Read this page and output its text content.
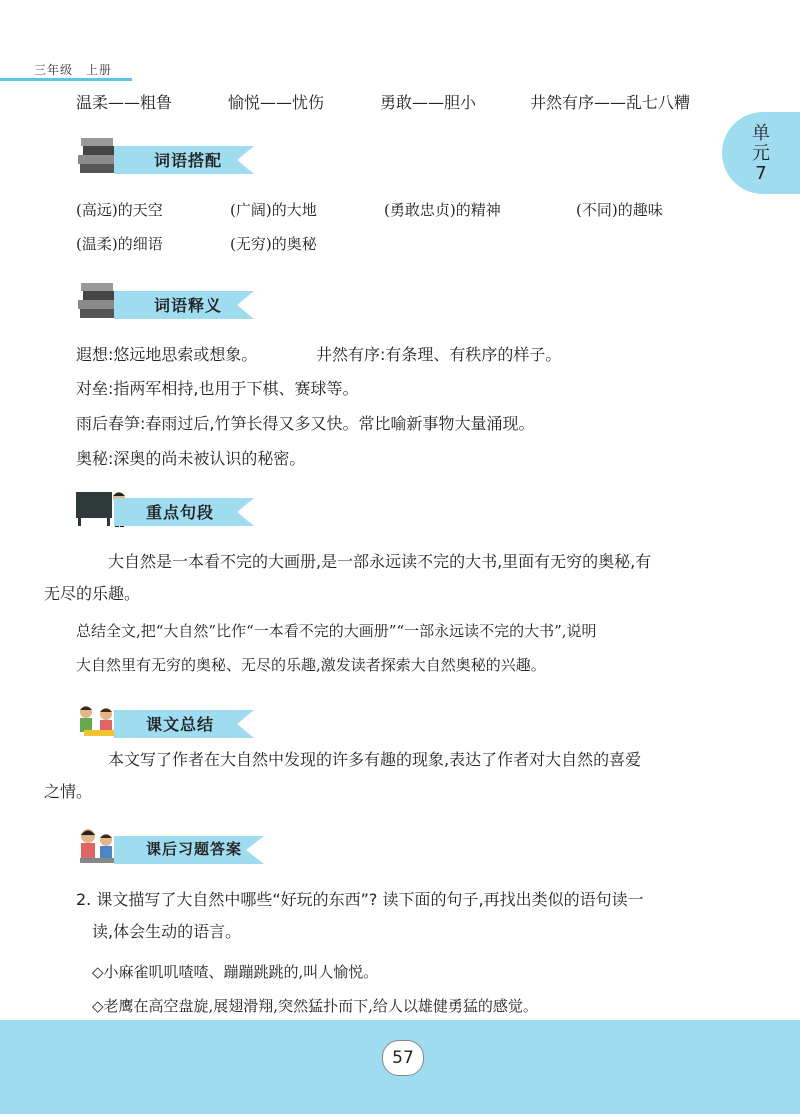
三年级　上册
单
元
7
温柔——粗鲁	愉悦——忧伤	勇敢——胆小	井然有序——乱七八糟
词语搭配
(高远)的天空	(广阔)的大地	(勇敢忠贞)的精神	(不同)的趣味
(温柔)的细语	(无穷)的奥秘
词语释义
遐想:悠远地思索或想象。	井然有序:有条理、有秩序的样子。
对垒:指两军相持,也用于下棋、赛球等。
雨后春笋:春雨过后,竹笋长得又多又快。常比喻新事物大量涌现。
奥秘:深奥的尚未被认识的秘密。
重点句段
大自然是一本看不完的大画册,是一部永远读不完的大书,里面有无穷的奥秘,有
无尽的乐趣。
总结全文,把“大自然”比作“一本看不完的大画册”“一部永远读不完的大书”,说明
大自然里有无穷的奥秘、无尽的乐趣,激发读者探索大自然奥秘的兴趣。
课文总结
本文写了作者在大自然中发现的许多有趣的现象,表达了作者对大自然的喜爱
之情。
课后习题答案
2. 课文描写了大自然中哪些“好玩的东西”? 读下面的句子,再找出类似的语句读一
读,体会生动的语言。
◇小麻雀叽叽喳喳、蹦蹦跳跳的,叫人愉悦。
◇老鹰在高空盘旋,展翅滑翔,突然猛扑而下,给人以雄健勇猛的感觉。
57
